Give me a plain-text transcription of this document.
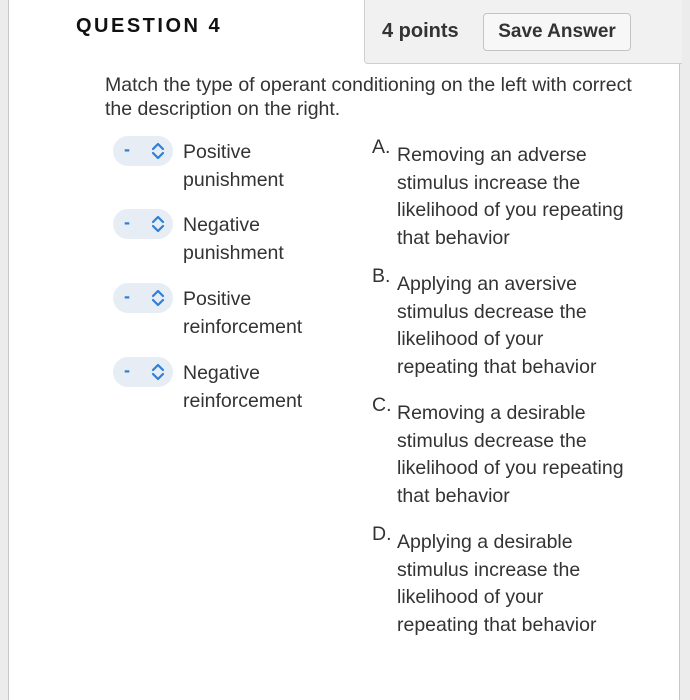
QUESTION 4	4 points	Save Answer
Match the type of operant conditioning on the left with correct the description on the right.
-	Positive punishment
-	Negative punishment
-	Positive reinforcement
-	Negative reinforcement
A. Removing an adverse stimulus increase the likelihood of you repeating that behavior
B. Applying an aversive stimulus decrease the likelihood of your repeating that behavior
C. Removing a desirable stimulus decrease the likelihood of you repeating that behavior
D. Applying a desirable stimulus increase the likelihood of your repeating that behavior
